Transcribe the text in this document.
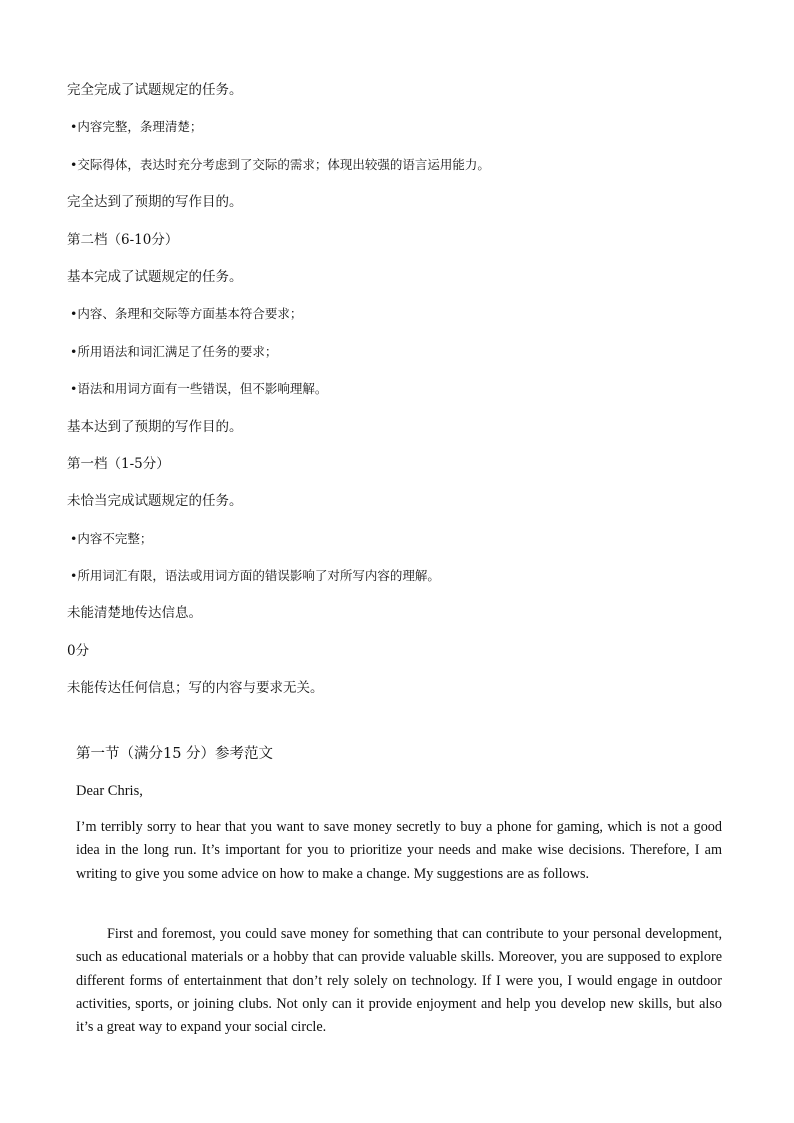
完全完成了试题规定的任务。
•内容完整，条理清楚；
•交际得体，表达时充分考虑到了交际的需求；体现出较强的语言运用能力。
完全达到了预期的写作目的。
第二档（6-10分）
基本完成了试题规定的任务。
•内容、条理和交际等方面基本符合要求；
•所用语法和词汇满足了任务的要求；
•语法和用词方面有一些错误，但不影响理解。
基本达到了预期的写作目的。
第一档（1-5分）
未恰当完成试题规定的任务。
•内容不完整；
•所用词汇有限，语法或用词方面的错误影响了对所写内容的理解。
未能清楚地传达信息。
0分
未能传达任何信息；写的内容与要求无关。
第一节（满分15 分）参考范文
Dear Chris,

I’m terribly sorry to hear that you want to save money secretly to buy a phone for gaming, which is not a good idea in the long run. It’s important for you to prioritize your needs and make wise decisions. Therefore, I am writing to give you some advice on how to make a change. My suggestions are as follows.

First and foremost, you could save money for something that can contribute to your personal development, such as educational materials or a hobby that can provide valuable skills. Moreover, you are supposed to explore different forms of entertainment that don’t rely solely on technology. If I were you, I would engage in outdoor activities, sports, or joining clubs. Not only can it provide enjoyment and help you develop new skills, but also it’s a great way to expand your social circle.
